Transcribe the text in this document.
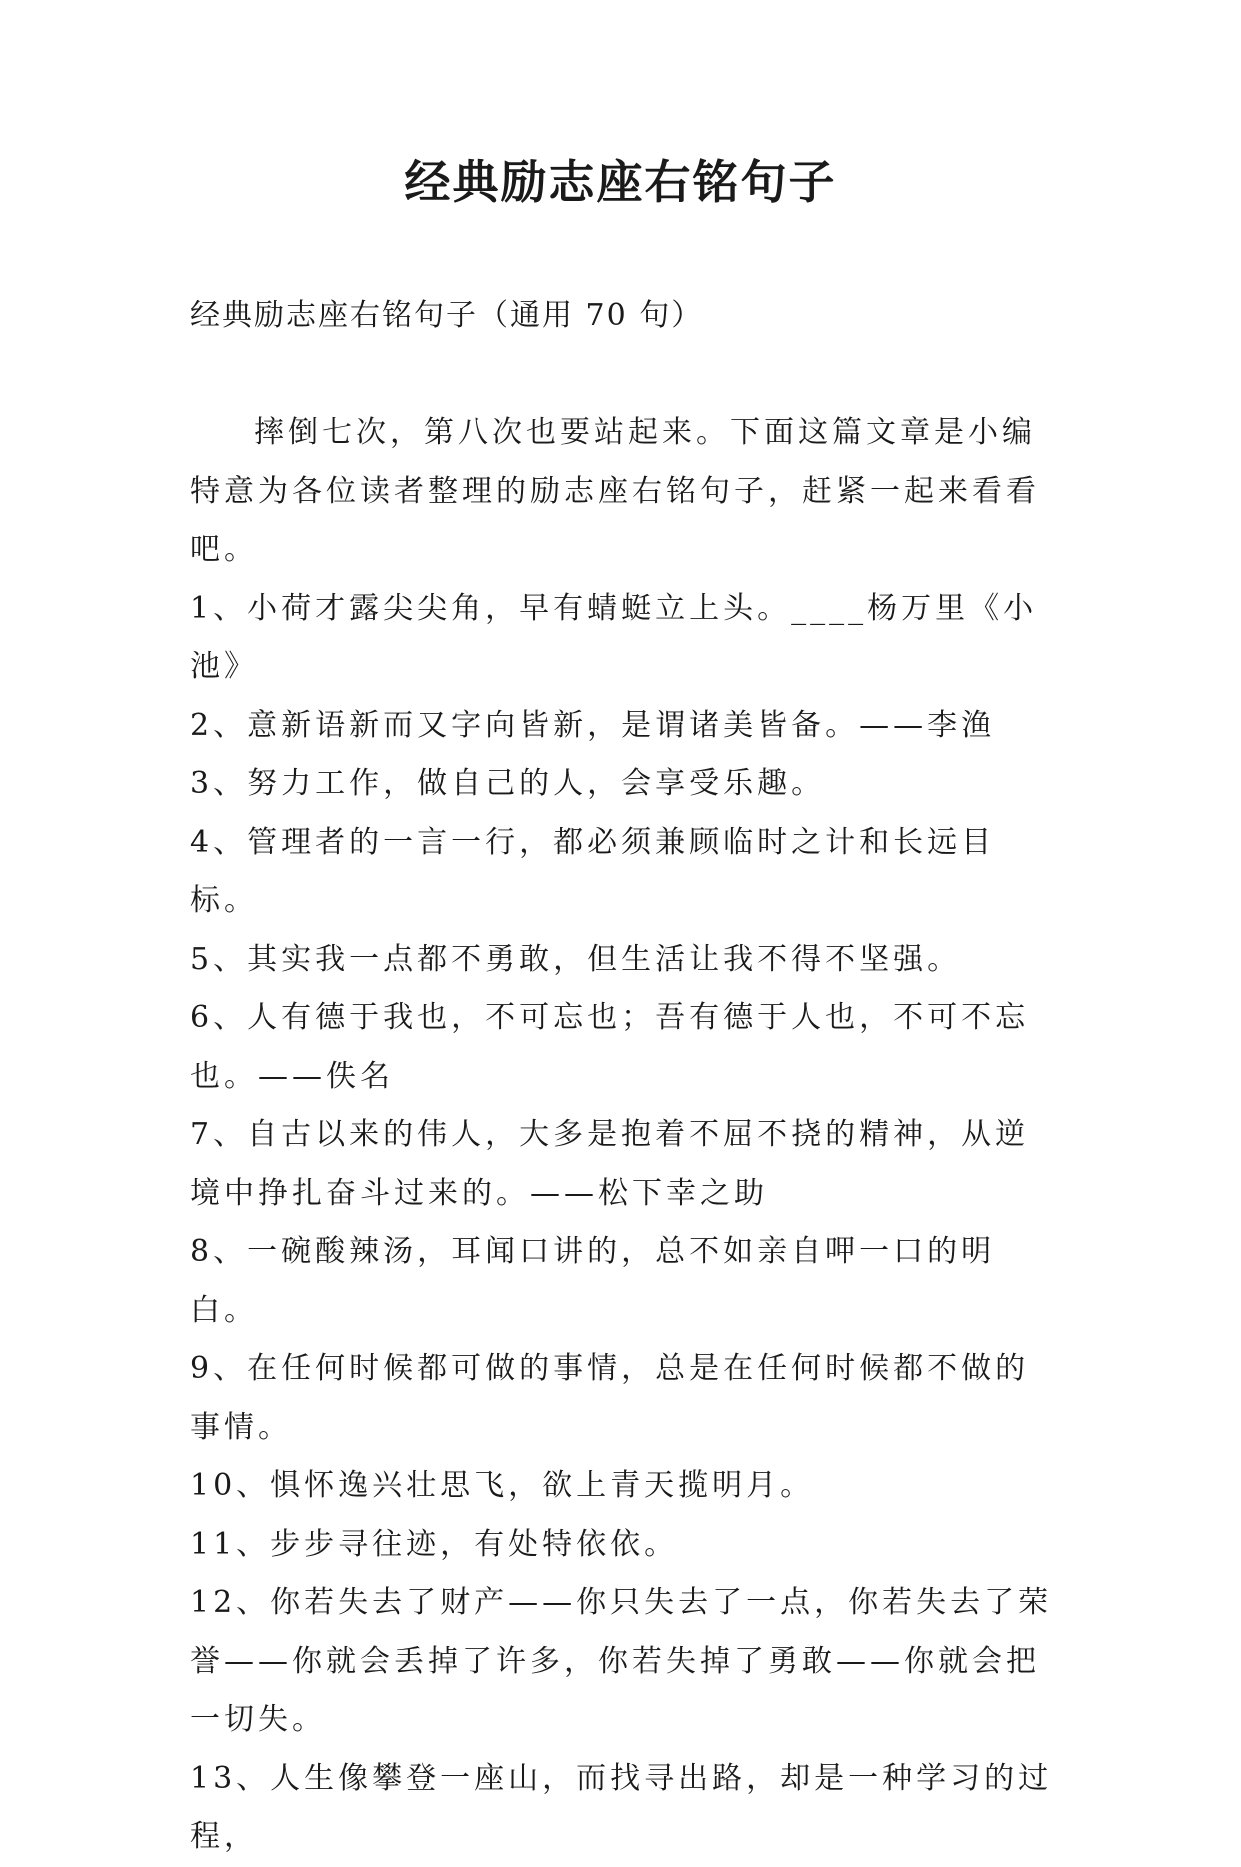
经典励志座右铭句子

经典励志座右铭句子（通用 70 句）

摔倒七次，第八次也要站起来。下面这篇文章是小编特意为各位读者整理的励志座右铭句子，赶紧一起来看看吧。

1、小荷才露尖尖角，早有蜻蜓立上头。____杨万里《小池》

2、意新语新而又字向皆新，是谓诸美皆备。——李渔

3、努力工作，做自己的人，会享受乐趣。

4、管理者的一言一行，都必须兼顾临时之计和长远目标。

5、其实我一点都不勇敢，但生活让我不得不坚强。

6、人有德于我也，不可忘也；吾有德于人也，不可不忘也。——佚名

7、自古以来的伟人，大多是抱着不屈不挠的精神，从逆境中挣扎奋斗过来的。——松下幸之助

8、一碗酸辣汤，耳闻口讲的，总不如亲自呷一口的明白。

9、在任何时候都可做的事情，总是在任何时候都不做的事情。

10、惧怀逸兴壮思飞，欲上青天揽明月。

11、步步寻往迹，有处特依依。

12、你若失去了财产——你只失去了一点，你若失去了荣誉——你就会丢掉了许多，你若失掉了勇敢——你就会把一切失。

13、人生像攀登一座山，而找寻出路，却是一种学习的过程，
